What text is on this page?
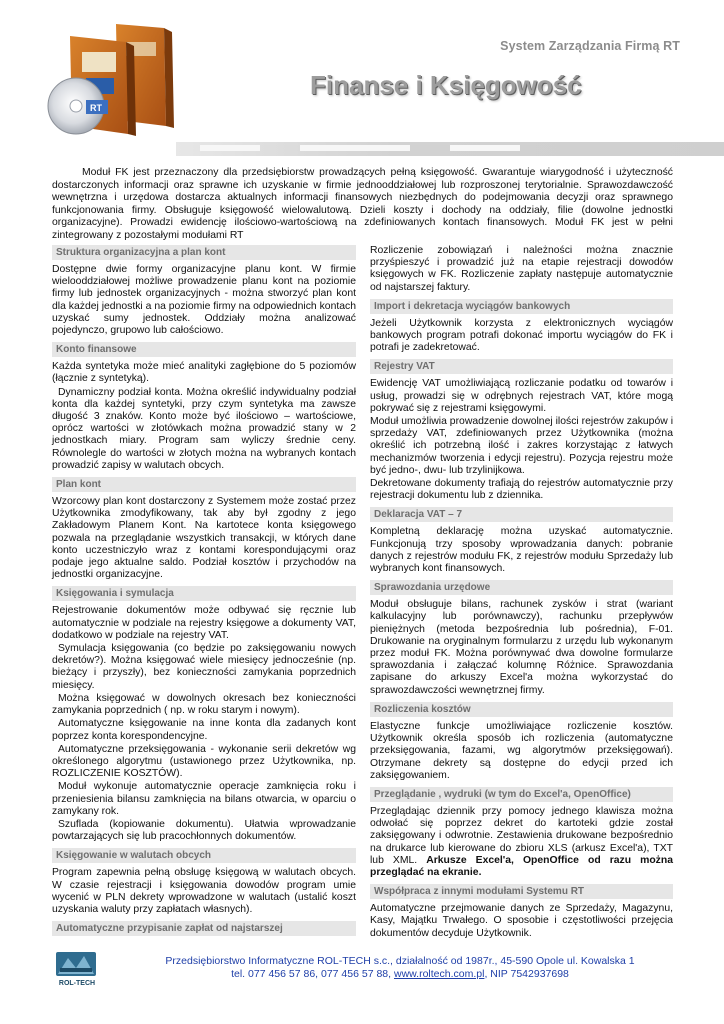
RT
System Zarządzania Firmą RT
Finanse i Księgowość
Moduł FK jest przeznaczony dla przedsiębiorstw prowadzących pełną księgowość. Gwarantuje wiarygodność i użyteczność dostarczonych informacji oraz sprawne ich uzyskanie w firmie jednooddziałowej lub rozproszonej terytorialnie. Sprawozdawczość wewnętrzna i urzędowa dostarcza aktualnych informacji finansowych niezbędnych do podejmowania decyzji oraz sprawnego funkcjonowania firmy. Obsługuje księgowość wielowalutową. Dzieli koszty i dochody na oddziały, filie (dowolne jednostki organizacyjne). Prowadzi ewidencję ilościowo-wartościową na zdefiniowanych kontach finansowych. Moduł FK jest w pełni zintegrowany z pozostałymi modułami RT
Struktura organizacyjna a plan kont
Dostępne dwie formy organizacyjne planu kont. W firmie wielooddziałowej możliwe prowadzenie planu kont na poziomie firmy lub jednostek organizacyjnych - można stworzyć plan kont dla każdej jednostki a na poziomie firmy na odpowiednich kontach uzyskać sumy jednostek. Oddziały można analizować pojedynczo, grupowo lub całościowo.
Konto finansowe
Każda syntetyka może mieć analityki zagłębione do 5 poziomów (łącznie z syntetyką).
Dynamiczny podział konta. Można określić indywidualny podział konta dla każdej syntetyki, przy czym syntetyka ma zawsze długość 3 znaków. Konto może być ilościowo – wartościowe, oprócz wartości w złotówkach można prowadzić stany w 2 jednostkach miary. Program sam wyliczy średnie ceny. Równolegle do wartości w złotych można na wybranych kontach prowadzić zapisy w walutach obcych.
Plan kont
Wzorcowy plan kont dostarczony z Systemem może zostać przez Użytkownika zmodyfikowany, tak aby był zgodny z jego Zakładowym Planem Kont. Na kartotece konta księgowego pozwala na przeglądanie wszystkich transakcji, w których dane konto uczestniczyło wraz z kontami korespondującymi oraz podaje jego aktualne saldo. Podział kosztów i przychodów na jednostki organizacyjne.
Księgowania i symulacja
Rejestrowanie dokumentów może odbywać się ręcznie lub automatycznie w podziale na rejestry księgowe a dokumenty VAT, dodatkowo w podziale na rejestry VAT.
Symulacja księgowania (co będzie po zaksięgowaniu nowych dekretów?). Można księgować wiele miesięcy jednocześnie (np. bieżący i przyszły), bez konieczności zamykania poprzednich miesięcy.
Można księgować w dowolnych okresach bez konieczności zamykania poprzednich ( np. w roku starym i nowym).
Automatyczne księgowanie na inne konta dla zadanych kont poprzez konta korespondencyjne.
Automatyczne przeksięgowania - wykonanie serii dekretów wg określonego algorytmu (ustawionego przez Użytkownika, np. ROZLICZENIE KOSZTÓW).
Moduł wykonuje automatycznie operacje zamknięcia roku i przeniesienia bilansu zamknięcia na bilans otwarcia, w oparciu o zamykany rok.
Szuflada (kopiowanie dokumentu). Ułatwia wprowadzanie powtarzających się lub pracochłonnych dokumentów.
Księgowanie w walutach obcych
Program zapewnia pełną obsługę księgową w walutach obcych. W czasie rejestracji i księgowania dowodów program umie wycenić w PLN dekrety wprowadzone w walutach (ustalić koszt uzyskania waluty przy zapłatach własnych).
Automatyczne przypisanie zapłat od najstarszej
Rozliczenie zobowiązań i należności można znacznie przyśpieszyć i prowadzić już na etapie rejestracji dowodów księgowych w FK. Rozliczenie zapłaty następuje automatycznie od najstarszej faktury.
Import i dekretacja wyciągów bankowych
Jeżeli Użytkownik korzysta z elektronicznych wyciągów bankowych program potrafi dokonać importu wyciągów do FK i potrafi je zadekretować.
Rejestry VAT
Ewidencję VAT umożliwiającą rozliczanie podatku od towarów i usług, prowadzi się w odrębnych rejestrach VAT, które mogą pokrywać się z rejestrami księgowymi.
Moduł umożliwia prowadzenie dowolnej ilości rejestrów zakupów i sprzedaży VAT, zdefiniowanych przez Użytkownika (można określić ich potrzebną ilość i zakres korzystając z łatwych mechanizmów tworzenia i edycji rejestru). Pozycja rejestru może być jedno-, dwu- lub trzylinijkowa.
Dekretowane dokumenty trafiają do rejestrów automatycznie przy rejestracji dokumentu lub z dziennika.
Deklaracja VAT – 7
Kompletną deklarację można uzyskać automatycznie. Funkcjonują trzy sposoby wprowadzania danych: pobranie danych z rejestrów modułu FK, z rejestrów modułu Sprzedaży lub wybranych kont finansowych.
Sprawozdania urzędowe
Moduł obsługuje bilans, rachunek zysków i strat (wariant kalkulacyjny lub porównawczy), rachunku przepływów pieniężnych (metoda bezpośrednia lub pośrednia), F-01. Drukowanie na oryginalnym formularzu z urzędu lub wykonanym przez moduł FK. Można porównywać dwa dowolne formularze sprawozdania i załączać kolumnę Różnice. Sprawozdania zapisane do arkuszy Excel'a można wykorzystać do sprawozdawczości wewnętrznej firmy.
Rozliczenia kosztów
Elastyczne funkcje umożliwiające rozliczenie kosztów. Użytkownik określa sposób ich rozliczenia (automatyczne przeksięgowania, fazami, wg algorytmów przeksięgowań). Otrzymane dekrety są dostępne do edycji przed ich zaksięgowaniem.
Przeglądanie , wydruki (w tym do Excel'a, OpenOffice)
Przeglądając dziennik przy pomocy jednego klawisza można odwołać się poprzez dekret do kartoteki gdzie został zaksięgowany i odwrotnie. Zestawienia drukowane bezpośrednio na drukarce lub kierowane do zbioru XLS (arkusz Excel'a), TXT lub XML. Arkusze Excel'a, OpenOffice od razu można przeglądać na ekranie.
Współpraca z innymi modułami Systemu RT
Automatyczne przejmowanie danych ze Sprzedaży, Magazynu, Kasy, Majątku Trwałego. O sposobie i częstotliwości przejęcia dokumentów decyduje Użytkownik.
ROL-TECH
Przedsiębiorstwo Informatyczne ROL-TECH s.c., działalność od 1987r., 45-590 Opole ul. Kowalska 1
tel. 077 456 57 86, 077 456 57 88, www.roltech.com.pl, NIP 7542937698
